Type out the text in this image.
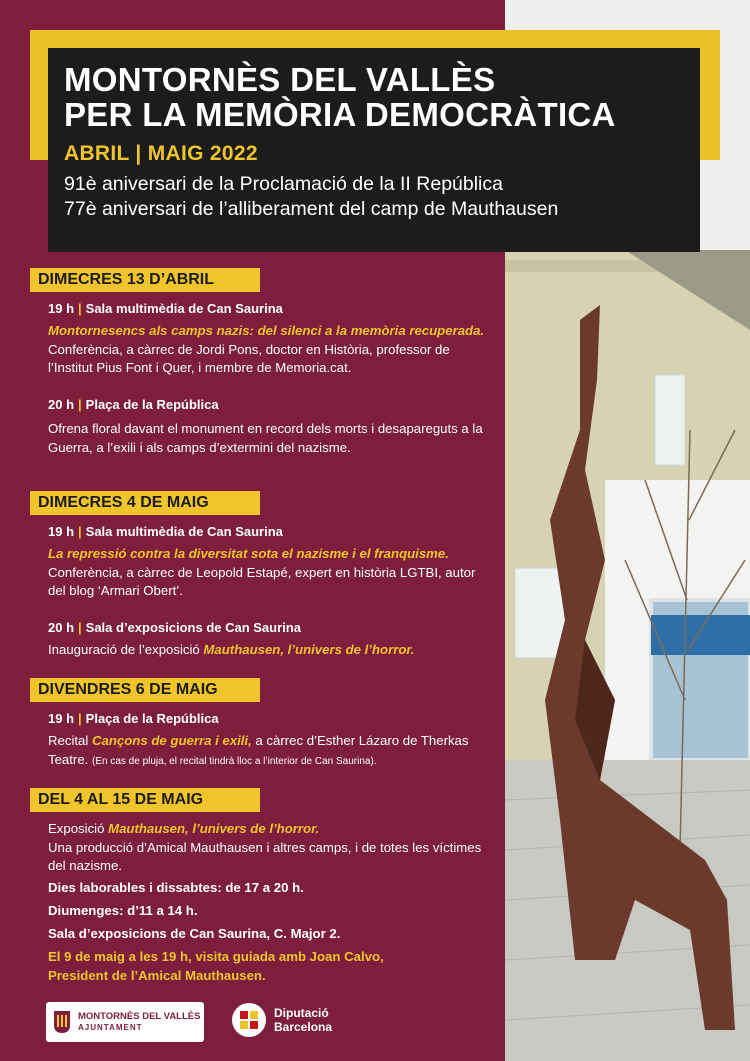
MONTORNÈS DEL VALLÈS
PER LA MEMÒRIA DEMOCRÀTICA
ABRIL | MAIG 2022
91è aniversari de la Proclamació de la II República
77è aniversari de l’alliberament del camp de Mauthausen
DIMECRES 13 D’ABRIL
19 h | Sala multimèdia de Can Saurina
Montornesencs als camps nazis: del silenci a la memòria recuperada. Conferència, a càrrec de Jordi Pons, doctor en Història, professor de l’Institut Pius Font i Quer, i membre de Memoria.cat.
20 h | Plaça de la República
Ofrena floral davant el monument en record dels morts i desapareguts a la Guerra, a l’exili i als camps d’extermini del nazisme.
DIMECRES 4 DE MAIG
19 h | Sala multimèdia de Can Saurina
La repressió contra la diversitat sota el nazisme i el franquisme.
Conferència, a càrrec de Leopold Estapé, expert en història LGTBI, autor del blog ‘Armari Obert’.
20 h | Sala d’exposicions de Can Saurina
Inauguració de l’exposició Mauthausen, l’univers de l’horror.
DIVENDRES 6 DE MAIG
19 h | Plaça de la República
Recital Cançons de guerra i exili, a càrrec d’Esther Lázaro de Therkas Teatre. (En cas de pluja, el recital tindrà lloc a l’interior de Can Saurina).
DEL 4 AL 15 DE MAIG
Exposició Mauthausen, l’univers de l’horror.
Una producció d’Amical Mauthausen i altres camps, i de totes les víctimes del nazisme.
Dies laborables i dissabtes: de 17 a 20 h.
Diumenges: d’11 a 14 h.
Sala d’exposicions de Can Saurina, C. Major 2.
El 9 de maig a les 19 h, visita guiada amb Joan Calvo, President de l’Amical Mauthausen.
MONTORNÈS DEL VALLÈS
AJUNTAMENT
Diputació
Barcelona
